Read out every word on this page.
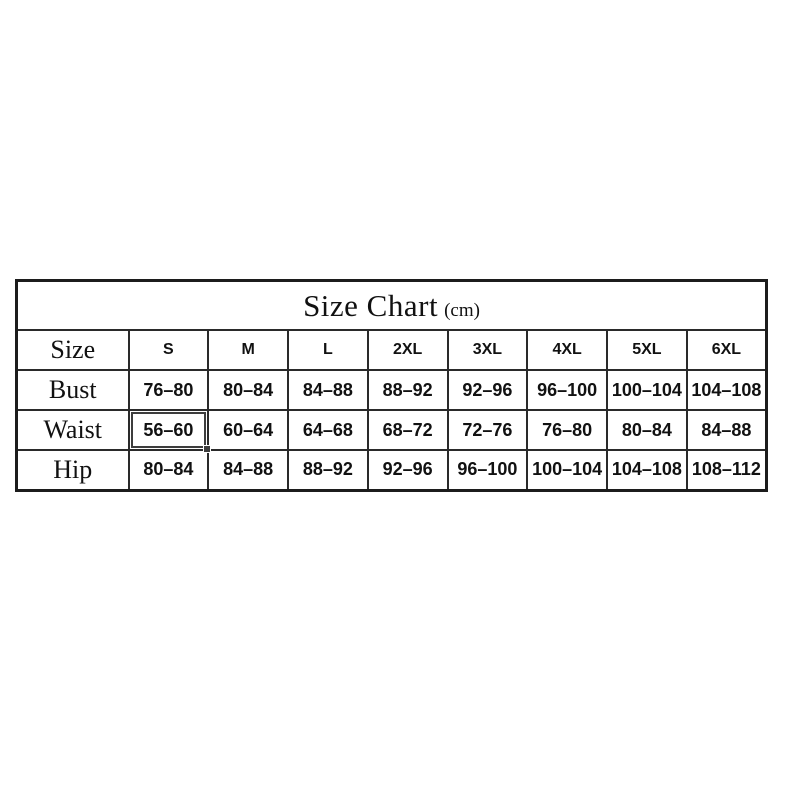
Size Chart (cm)								
Size	S	M	L	2XL	3XL	4XL	5XL	6XL
Bust	76–80	80–84	84–88	88–92	92–96	96–100	100–104	104–108
Waist	56–60	60–64	64–68	68–72	72–76	76–80	80–84	84–88
Hip	80–84	84–88	88–92	92–96	96–100	100–104	104–108	108–112
